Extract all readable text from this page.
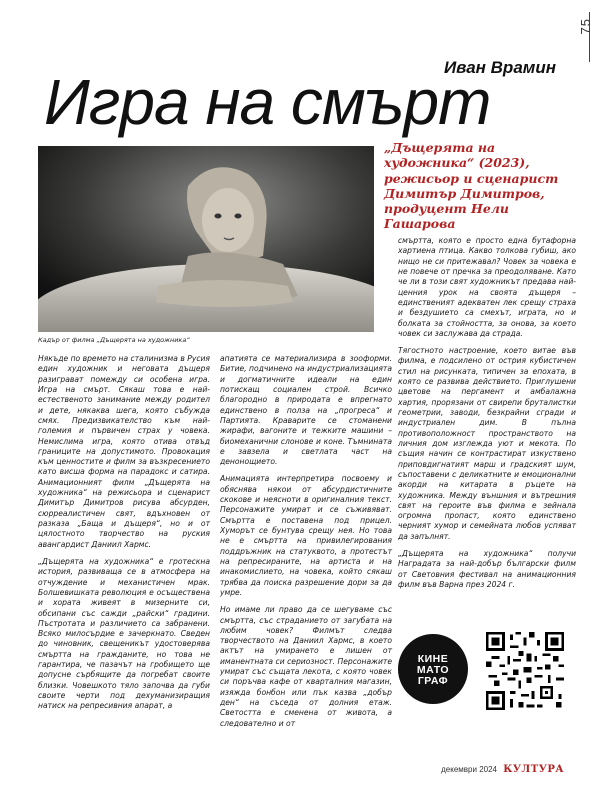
75
Иван Врамин
Игра на смърт
Кадър от филма „Дъщерята на художника“
„Дъщерята на художника“ (2023), режисьор и сценарист Димитър Димитров, продуцент Нели Гашарова

Някъде по времето на сталинизма в Русия един художник и неговата дъщеря разиграват помежду си особена игра. Игра на смърт. Сякаш това е най-естественото занимание между родител и дете, някаква шега, която събужда смях. Предизвикателство към най-големия и първичен страх у човека. Немислима игра, която отива отвъд границите на допустимото. Провокация към ценностите и филм за възкресението като висша форма на парадокс и сатира. Анимационният филм „Дъщерята на художника“ на режисьора и сценарист Димитър Димитров рисува абсурден, сюрреалистичен свят, вдъхновен от разказа „Баща и дъщеря“, но и от цялостното творчество на руския авангардист Даниил Хармс.

„Дъщерята на художника“ е гротескна история, развиваща се в атмосфера на отчуждение и механистичен мрак. Болшевишката революция е осъществена и хората живеят в мизерните си, обсипани със сажди „райски“ градини. Пъстротата и различието са забранени. Всяко милосърдие е зачеркнато. Сведен до чиновник, свещеникът удостоверява смъртта на гражданите, но това не гарантира, че пазачът на гробището ще допусне сърбящите да погребат своите близки. Човешкото тяло започва да губи своите черти под дехуманизиращия натиск на репресивния апарат, а

апатията се материализира в зооформи. Битие, подчинено на индустриализацията и догматичните идеали на един потискащ социален строй. Всичко благородно в природата е впрегнато единствено в полза на „прогреса“ и Партията. Краварите се стоманени жирафи, вагоните и тежките машини – биомеханични слонове и коне. Тъмнината е завзела и светлата част на денонощието.

Анимацията интерпретира посвоему и обяснява някои от абсурдистичните скокове и неясноти в оригиналния текст. Персонажите умират и се съживяват. Смъртта е поставена под прицел. Хуморът се бунтува срещу нея. Но това не е смъртта на привилегирования поддръжник на статуквото, а протестът на репресираните, на артиста и на инакомислието, на човека, който сякаш трябва да поиска разрешение дори за да умре.

Но имаме ли право да се шегуваме със смъртта, със страданието от загубата на любим човек? Филмът следва творчеството на Даниил Хармс, в което актът на умирането е лишен от иманентната си сериозност. Персонажите умират със същата лекота, с която човек си поръчва кафе от кварталния магазин, изяжда бонбон или пък казва „добър ден“ на съседа от долния етаж. Светостта е сменена от живота, а следователно и от

смъртта, която е просто една бутафорна хартиена птица. Какво толкова губиш, ако нищо не си притежавал? Човек за човека е не повече от пречка за преодоляване. Като че ли в този свят художникът предава най-ценния урок на своята дъщеря – единственият адекватен лек срещу страха и бездушието са смехът, играта, но и болката за стойността, за онова, за което човек си заслужава да страда.

Тягостното настроение, което витае във филма, е подсилено от острия кубистичен стил на рисунката, типичен за епохата, в която се развива действието. Приглушени цветове на пергамент и амбалажна хартия, прорязани от свирепи бруталистки геометрии, заводи, безкрайни сгради и индустриален дим. В пълна противоположност пространството на личния дом изглежда уют и мекота. По същия начин се контрастират изкуствено приповдигнатият марш и градският шум, съпоставени с деликатните и емоционални акорди на китарата в ръцете на художника. Между външния и вътрешния свят на героите във филма е зейнала огромна пропаст, която единствено черният хумор и семейната любов успяват да запълнят.

„Дъщерята на художника“ получи Наградата за най-добър български филм от Световния фестивал на анимационния филм във Варна през 2024 г.

КИНЕ
МАТО
ГРАФ
декември 2024 КУЛТУРА
